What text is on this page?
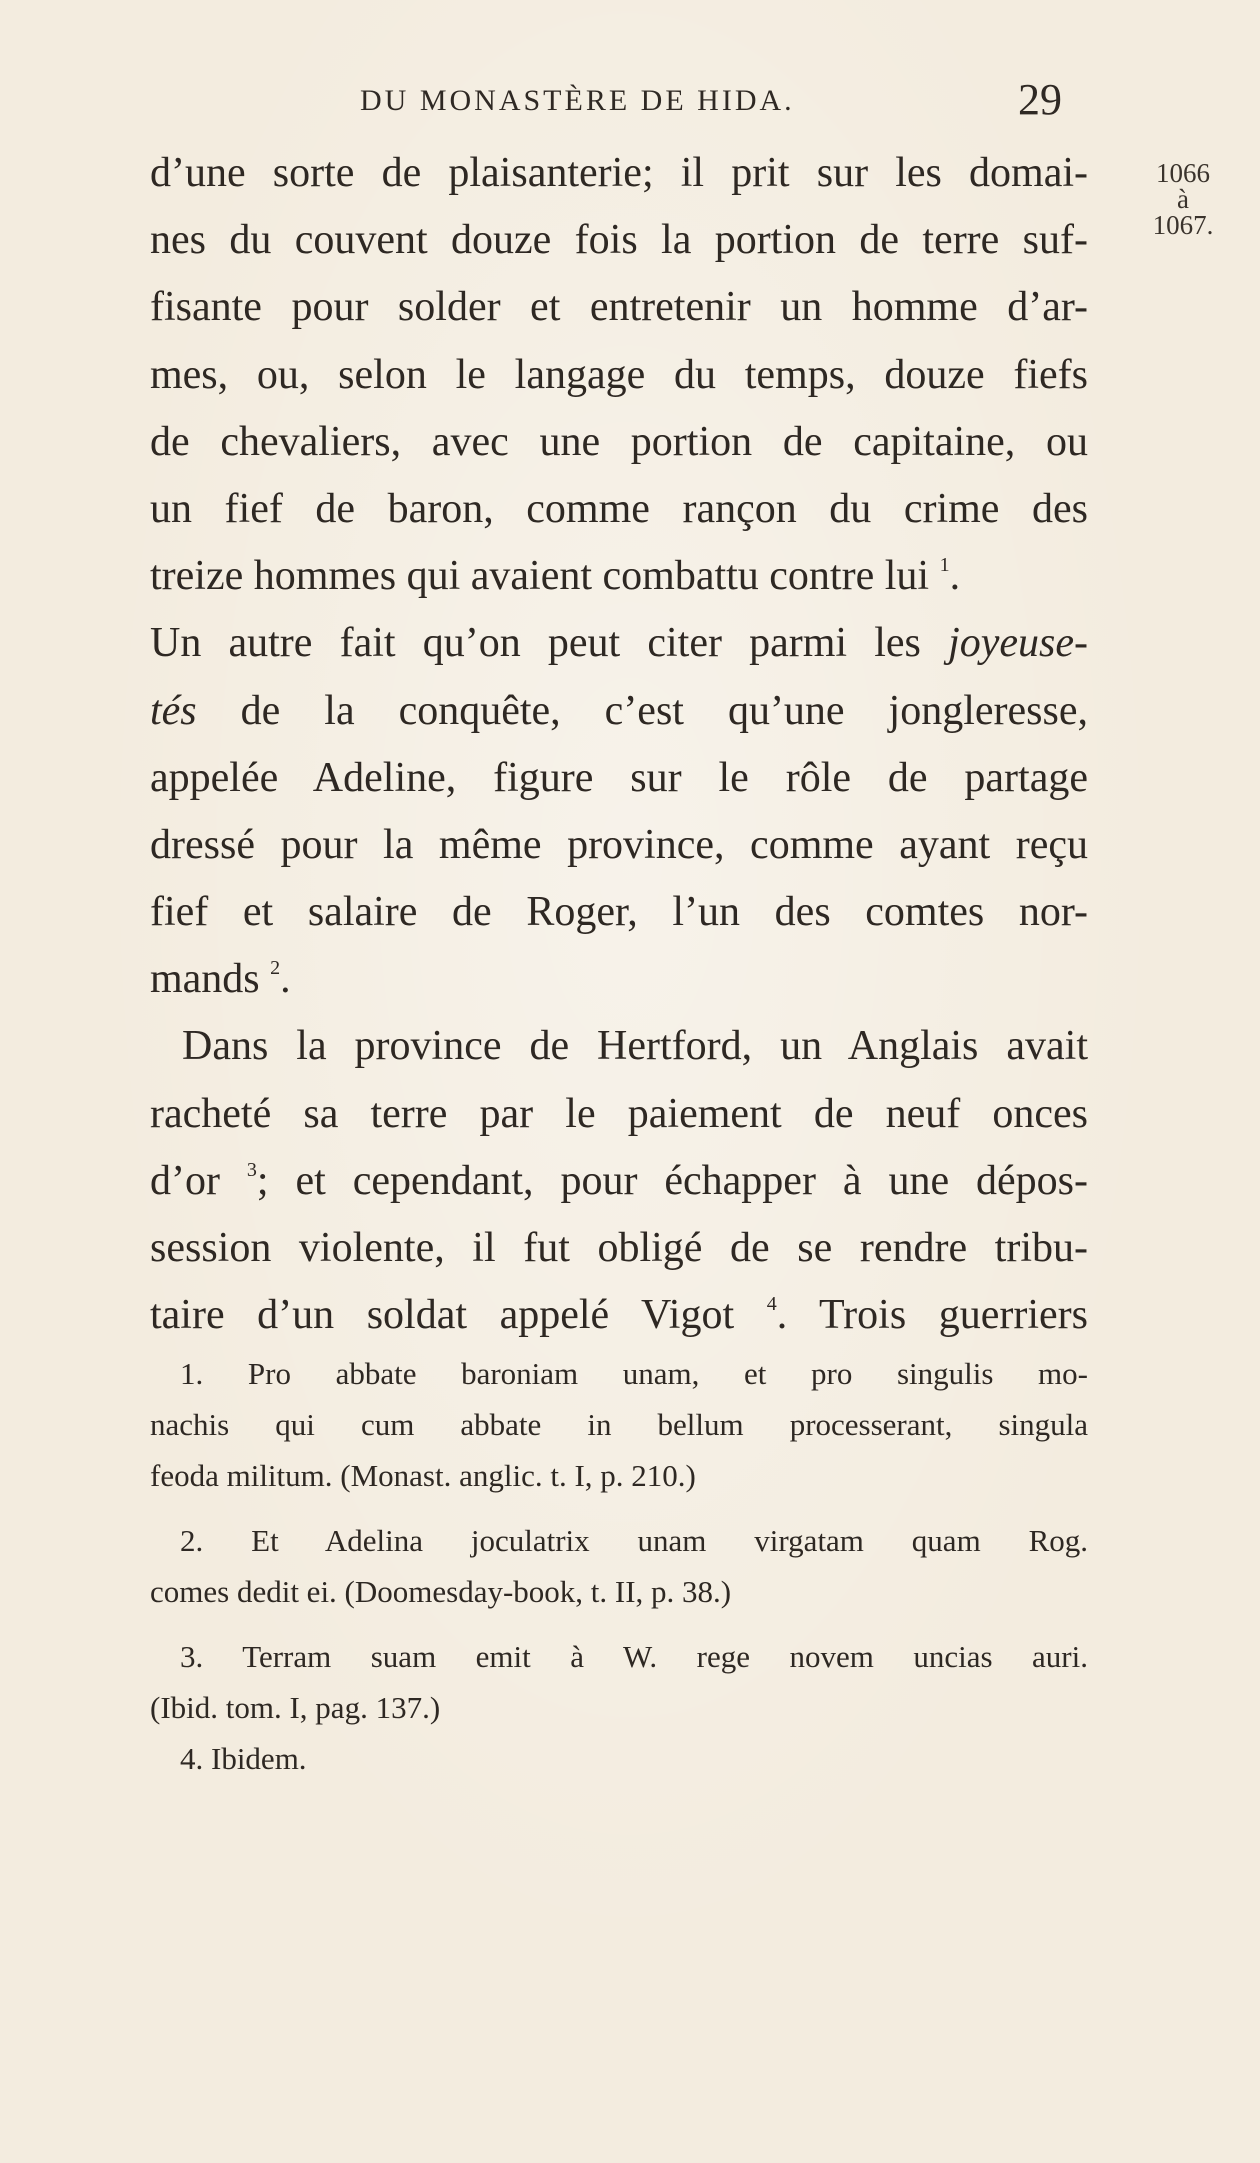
DU MONASTÈRE DE HIDA.	29
1066
à
1067.
d’une sorte de plaisanterie; il prit sur les domai-
nes du couvent douze fois la portion de terre suf-
fisante pour solder et entretenir un homme d’ar-
mes, ou, selon le langage du temps, douze fiefs
de chevaliers, avec une portion de capitaine, ou
un fief de baron, comme rançon du crime des
treize hommes qui avaient combattu contre lui $^1$.
Un autre fait qu’on peut citer parmi les joyeuse-
tés de la conquête, c’est qu’une jongleresse,
appelée Adeline, figure sur le rôle de partage
dressé pour la même province, comme ayant reçu
fief et salaire de Roger, l’un des comtes nor-
mands $^2$.
Dans la province de Hertford, un Anglais avait
racheté sa terre par le paiement de neuf onces
d’or $^3$; et cependant, pour échapper à une dépos-
session violente, il fut obligé de se rendre tribu-
taire d’un soldat appelé Vigot $^4$. Trois guerriers
1. Pro abbate baroniam unam, et pro singulis mo-
nachis qui cum abbate in bellum processerant, singula
feoda militum. (Monast. anglic. t. I, p. 210.)
2. Et Adelina joculatrix unam virgatam quam Rog.
comes dedit ei. (Doomesday-book, t. II, p. 38.)
3. Terram suam emit à W. rege novem uncias auri.
(Ibid. tom. I, pag. 137.)
4. Ibidem.
